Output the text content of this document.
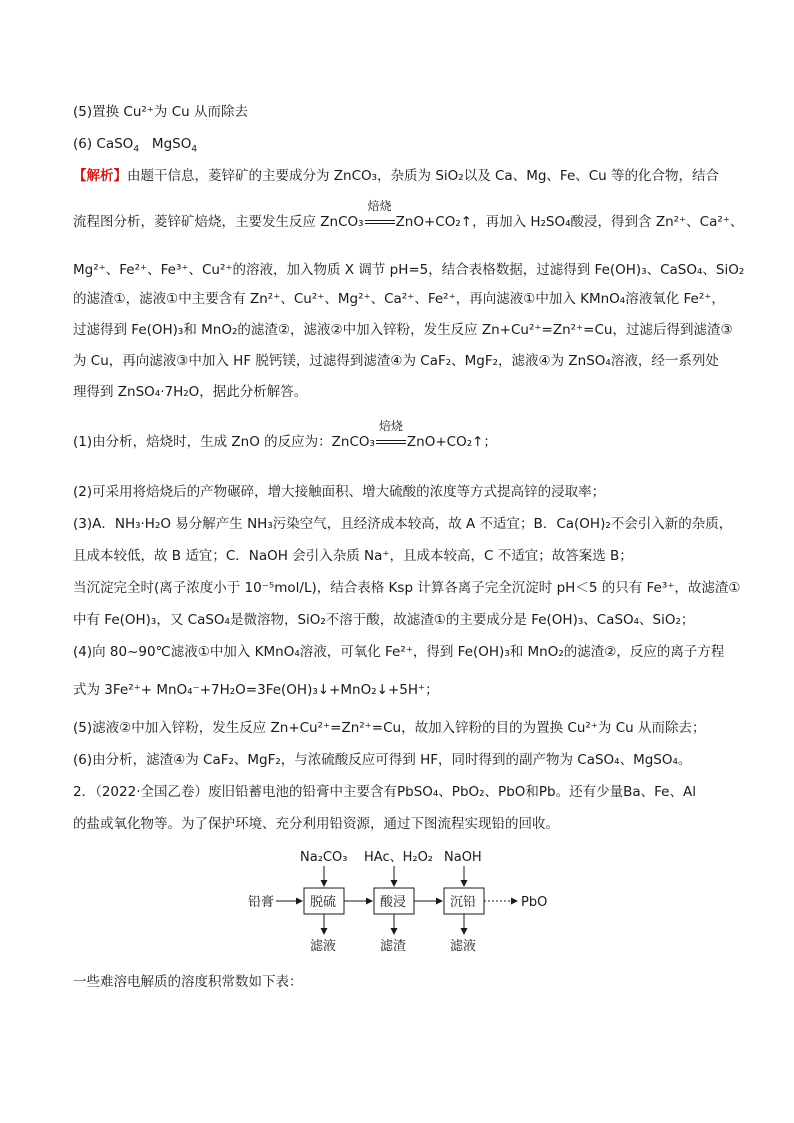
(5)置换 Cu²⁺为 Cu 从而除去
(6) CaSO$_4$ MgSO$_4$
【解析】由题干信息，菱锌矿的主要成分为 ZnCO₃，杂质为 SiO₂以及 Ca、Mg、Fe、Cu 等的化合物，结合
流程图分析，菱锌矿焙烧，主要发生反应 ZnCO₃
焙烧
ZnO+CO₂↑，再加入 H₂SO₄酸浸，得到含 Zn²⁺、Ca²⁺、
Mg²⁺、Fe²⁺、Fe³⁺、Cu²⁺的溶液，加入物质 X 调节 pH=5，结合表格数据，过滤得到 Fe(OH)₃、CaSO₄、SiO₂
的滤渣①，滤液①中主要含有 Zn²⁺、Cu²⁺、Mg²⁺、Ca²⁺、Fe²⁺，再向滤液①中加入 KMnO₄溶液氧化 Fe²⁺，
过滤得到 Fe(OH)₃和 MnO₂的滤渣②，滤液②中加入锌粉，发生反应 Zn+Cu²⁺=Zn²⁺=Cu，过滤后得到滤渣③
为 Cu，再向滤液③中加入 HF 脱钙镁，过滤得到滤渣④为 CaF₂、MgF₂，滤液④为 ZnSO₄溶液，经一系列处
理得到 ZnSO₄·7H₂O，据此分析解答。
(1)由分析，焙烧时，生成 ZnO 的反应为：ZnCO₃
焙烧
ZnO+CO₂↑；
(2)可采用将焙烧后的产物碾碎，增大接触面积、增大硫酸的浓度等方式提高锌的浸取率；
(3)A．NH₃·H₂O 易分解产生 NH₃污染空气，且经济成本较高，故 A 不适宜；B．Ca(OH)₂不会引入新的杂质，
且成本较低，故 B 适宜；C．NaOH 会引入杂质 Na⁺，且成本较高，C 不适宜；故答案选 B；
当沉淀完全时(离子浓度小于 10⁻⁵mol/L)，结合表格 Ksp 计算各离子完全沉淀时 pH＜5 的只有 Fe³⁺，故滤渣①
中有 Fe(OH)₃，又 CaSO₄是微溶物，SiO₂不溶于酸，故滤渣①的主要成分是 Fe(OH)₃、CaSO₄、SiO₂；
(4)向 80~90℃滤液①中加入 KMnO₄溶液，可氧化 Fe²⁺，得到 Fe(OH)₃和 MnO₂的滤渣②，反应的离子方程
式为 3Fe²⁺+ MnO₄⁻+7H₂O=3Fe(OH)₃↓+MnO₂↓+5H⁺；
(5)滤液②中加入锌粉，发生反应 Zn+Cu²⁺=Zn²⁺=Cu，故加入锌粉的目的为置换 Cu²⁺为 Cu 从而除去；
(6)由分析，滤渣④为 CaF₂、MgF₂，与浓硫酸反应可得到 HF，同时得到的副产物为 CaSO₄、MgSO₄。
2．（2022·全国乙卷）废旧铅蓄电池的铅膏中主要含有PbSO₄、PbO₂、PbO和Pb。还有少量Ba、Fe、Al
的盐或氧化物等。为了保护环境、充分利用铅资源，通过下图流程实现铅的回收。
铅膏	脱硫	酸浸	沉铅	PbO
Na₂CO₃ HAc、H₂O₂ NaOH
滤液	滤渣	滤液
一些难溶电解质的溶度积常数如下表：
